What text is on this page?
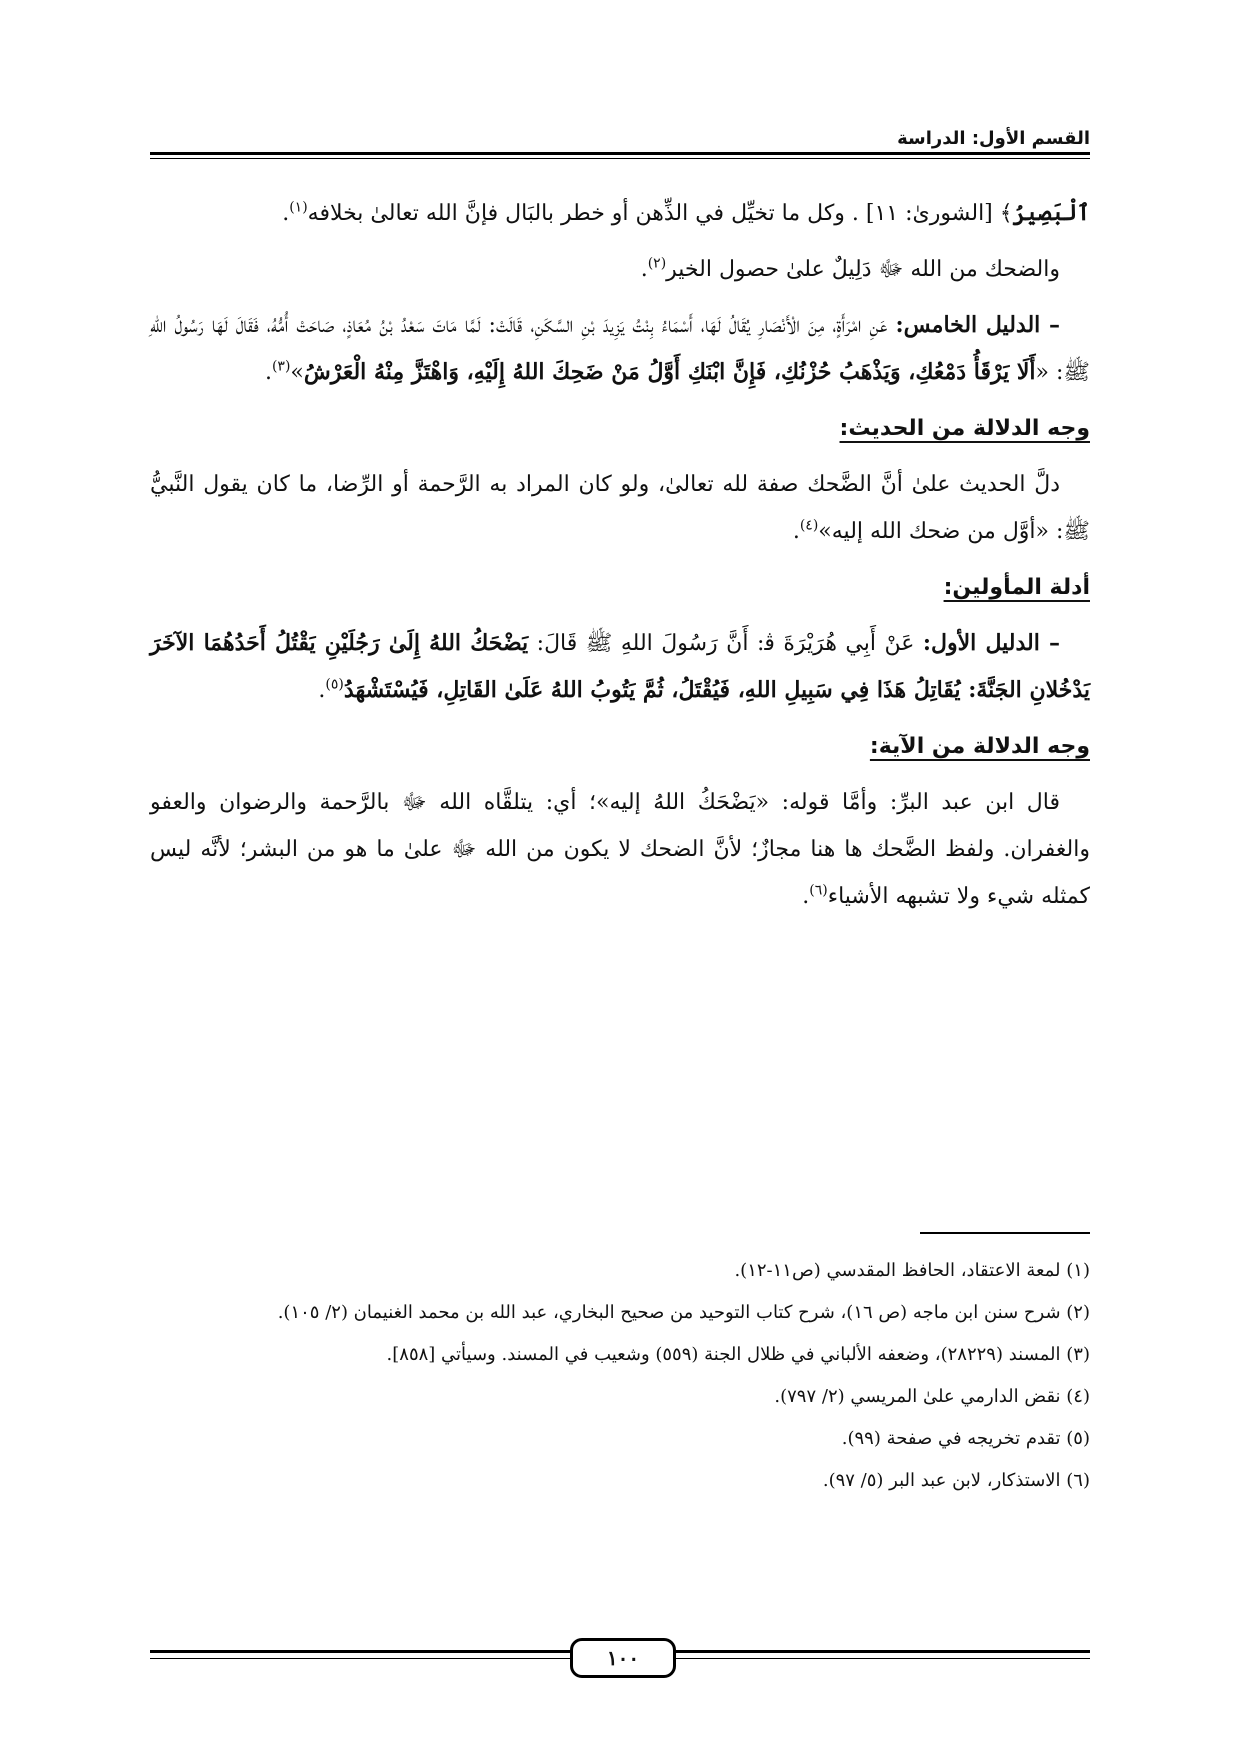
القسم الأول: الدراسة

ٱلْبَصِيرُ﴾ [الشورىٰ: ١١] . وكل ما تخيِّل في الذِّهن أو خطر بالبَال فإنَّ الله تعالىٰ بخلافه$^{(١)}$.

والضحك من الله ﷻ دَلِيلٌ علىٰ حصول الخير$^{(٢)}$.

– الدليل الخامس: عَنِ امْرَأَةٍ، مِنَ الْأَنْصَارِ يُقَالُ لَهَا، أَسْمَاءُ بِنْتُ يَزِيدَ بْنِ السَّكَنِ، قَالَتْ: لَمَّا مَاتَ سَعْدُ بْنُ مُعَاذٍ، صَاحَتْ أُمُّهُ، فَقَالَ لَهَا رَسُولُ اللهِ ﷺ: «أَلَا يَرْقَأُ دَمْعُكِ، وَيَذْهَبُ حُزْنُكِ، فَإِنَّ ابْنَكِ أَوَّلُ مَنْ ضَحِكَ اللهُ إِلَيْهِ، وَاهْتَزَّ مِنْهُ الْعَرْشُ»$^{(٣)}$.

وجه الدلالة من الحديث:

دلَّ الحديث علىٰ أنَّ الضَّحك صفة لله تعالىٰ، ولو كان المراد به الرَّحمة أو الرِّضا، ما كان يقول النَّبيُّ ﷺ: «أوَّل من ضحك الله إليه»$^{(٤)}$.

أدلة المأولين:

– الدليل الأول: عَنْ أَبِي هُرَيْرَةَ ﭬ: أَنَّ رَسُولَ اللهِ ﷺ قَالَ: يَضْحَكُ اللهُ إِلَىٰ رَجُلَيْنِ يَقْتُلُ أَحَدُهُمَا الآخَرَ يَدْخُلانِ الجَنَّةَ: يُقَاتِلُ هَذَا فِي سَبِيلِ اللهِ، فَيُقْتَلُ، ثُمَّ يَتُوبُ اللهُ عَلَىٰ القَاتِلِ، فَيُسْتَشْهَدُ$^{(٥)}$.

وجه الدلالة من الآية:

قال ابن عبد البرِّ: وأمَّا قوله: «يَضْحَكُ اللهُ إليه»؛ أي: يتلقَّاه الله ﷻ بالرَّحمة والرضوان والعفو والغفران. ولفظ الضَّحك ها هنا مجازٌ؛ لأنَّ الضحك لا يكون من الله ﷻ علىٰ ما هو من البشر؛ لأنَّه ليس كمثله شيء ولا تشبهه الأشياء$^{(٦)}$.

(١) لمعة الاعتقاد، الحافظ المقدسي (ص١١-١٢).

(٢) شرح سنن ابن ماجه (ص ١٦)، شرح كتاب التوحيد من صحيح البخاري، عبد الله بن محمد الغنيمان (٢/ ١٠٥).

(٣) المسند (٢٨٢٢٩)، وضعفه الألباني في ظلال الجنة (٥٥٩) وشعيب في المسند. وسيأتي [٨٥٨].

(٤) نقض الدارمي علىٰ المريسي (٢/ ٧٩٧).

(٥) تقدم تخريجه في صفحة (٩٩).

(٦) الاستذكار، لابن عبد البر (٥/ ٩٧).

١٠٠
